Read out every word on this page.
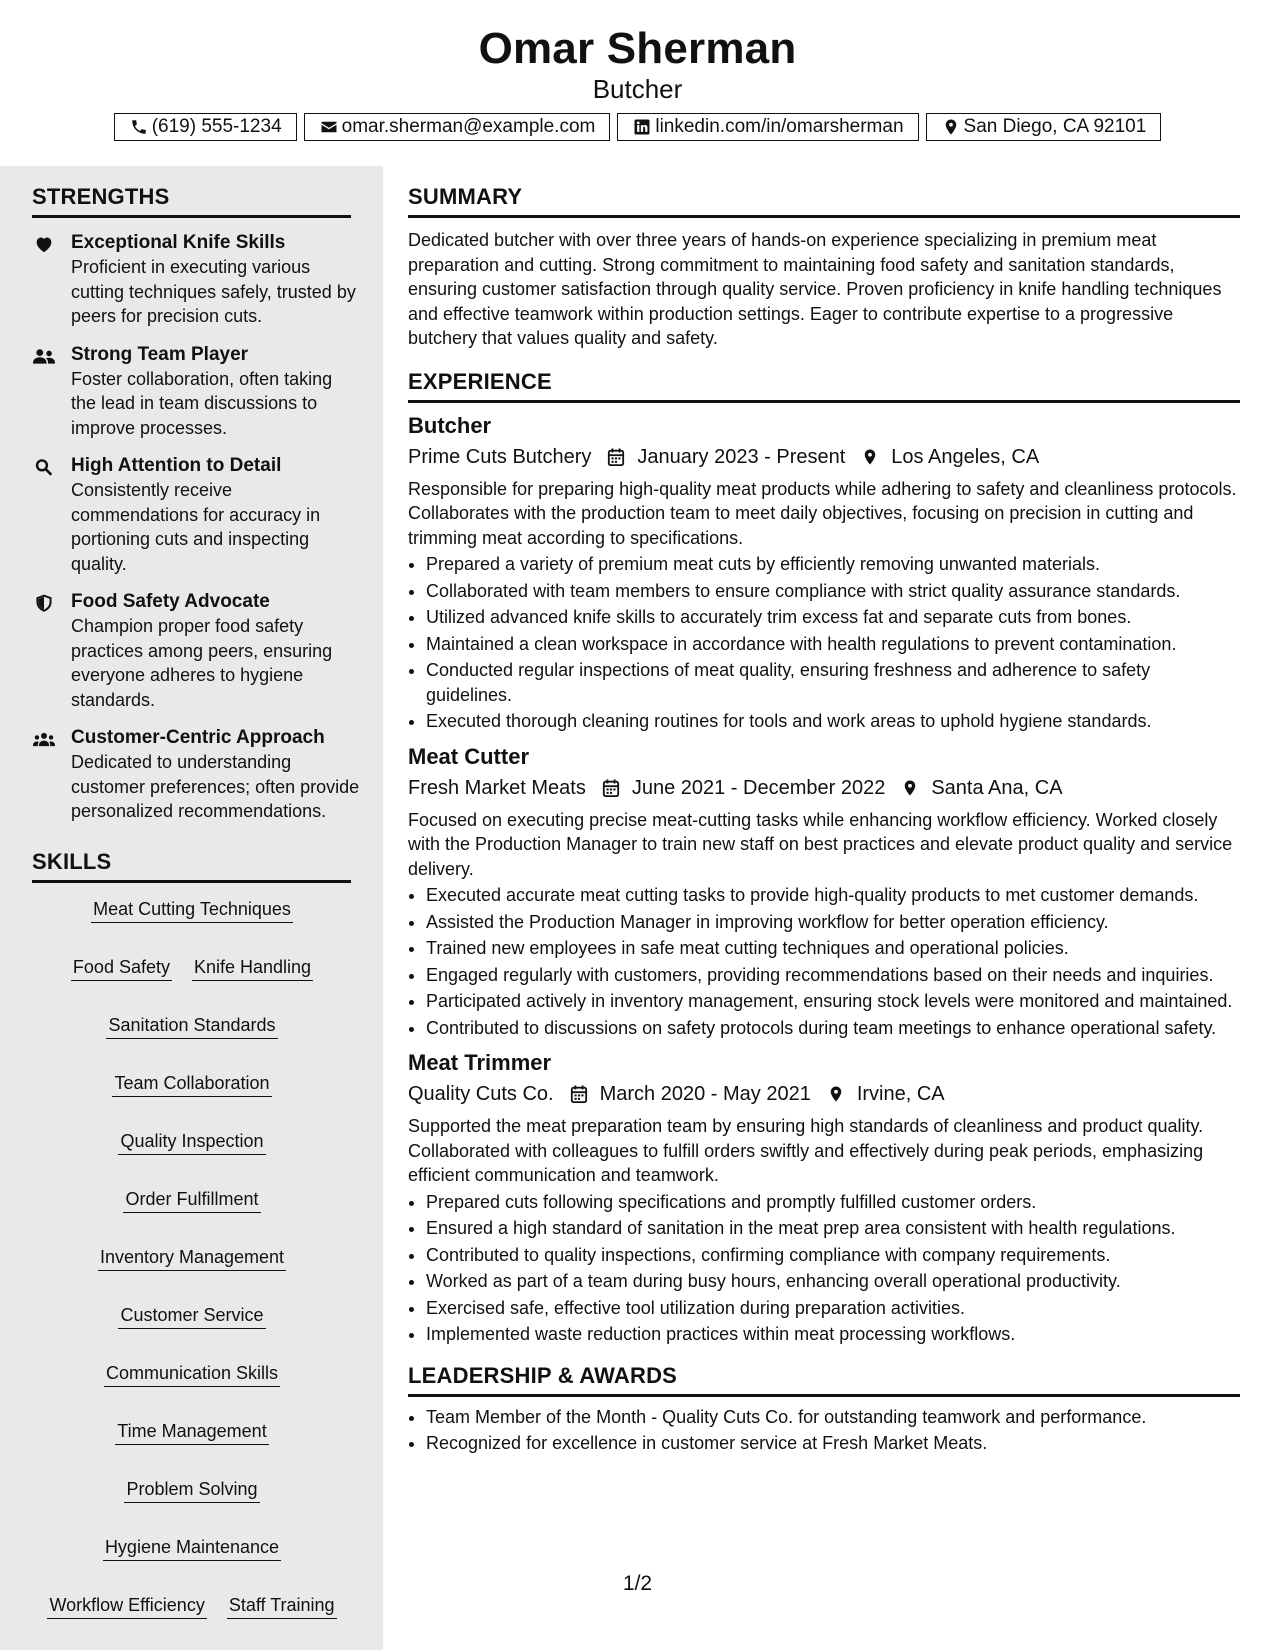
Omar Sherman
Butcher
(619) 555-1234	omar.sherman@example.com	linkedin.com/in/omarsherman	San Diego, CA 92101
STRENGTHS
Exceptional Knife Skills
Proficient in executing various cutting techniques safely, trusted by peers for precision cuts.
Strong Team Player
Foster collaboration, often taking the lead in team discussions to improve processes.
High Attention to Detail
Consistently receive commendations for accuracy in portioning cuts and inspecting quality.
Food Safety Advocate
Champion proper food safety practices among peers, ensuring everyone adheres to hygiene standards.
Customer-Centric Approach
Dedicated to understanding customer preferences; often provide personalized recommendations.
SKILLS
Meat Cutting Techniques
Food Safety Knife Handling
Sanitation Standards
Team Collaboration
Quality Inspection
Order Fulfillment
Inventory Management
Customer Service
Communication Skills
Time Management
Problem Solving
Hygiene Maintenance
Workflow Efficiency Staff Training
SUMMARY
Dedicated butcher with over three years of hands-on experience specializing in premium meat preparation and cutting. Strong commitment to maintaining food safety and sanitation standards, ensuring customer satisfaction through quality service. Proven proficiency in knife handling techniques and effective teamwork within production settings. Eager to contribute expertise to a progressive butchery that values quality and safety.
EXPERIENCE
Butcher
Prime Cuts Butchery January 2023 - Present Los Angeles, CA
Responsible for preparing high-quality meat products while adhering to safety and cleanliness protocols. Collaborates with the production team to meet daily objectives, focusing on precision in cutting and trimming meat according to specifications.
• Prepared a variety of premium meat cuts by efficiently removing unwanted materials.
• Collaborated with team members to ensure compliance with strict quality assurance standards.
• Utilized advanced knife skills to accurately trim excess fat and separate cuts from bones.
• Maintained a clean workspace in accordance with health regulations to prevent contamination.
• Conducted regular inspections of meat quality, ensuring freshness and adherence to safety guidelines.
• Executed thorough cleaning routines for tools and work areas to uphold hygiene standards.
Meat Cutter
Fresh Market Meats June 2021 - December 2022 Santa Ana, CA
Focused on executing precise meat-cutting tasks while enhancing workflow efficiency. Worked closely with the Production Manager to train new staff on best practices and elevate product quality and service delivery.
• Executed accurate meat cutting tasks to provide high-quality products to met customer demands.
• Assisted the Production Manager in improving workflow for better operation efficiency.
• Trained new employees in safe meat cutting techniques and operational policies.
• Engaged regularly with customers, providing recommendations based on their needs and inquiries.
• Participated actively in inventory management, ensuring stock levels were monitored and maintained.
• Contributed to discussions on safety protocols during team meetings to enhance operational safety.
Meat Trimmer
Quality Cuts Co. March 2020 - May 2021 Irvine, CA
Supported the meat preparation team by ensuring high standards of cleanliness and product quality. Collaborated with colleagues to fulfill orders swiftly and effectively during peak periods, emphasizing efficient communication and teamwork.
• Prepared cuts following specifications and promptly fulfilled customer orders.
• Ensured a high standard of sanitation in the meat prep area consistent with health regulations.
• Contributed to quality inspections, confirming compliance with company requirements.
• Worked as part of a team during busy hours, enhancing overall operational productivity.
• Exercised safe, effective tool utilization during preparation activities.
• Implemented waste reduction practices within meat processing workflows.
LEADERSHIP & AWARDS
• Team Member of the Month - Quality Cuts Co. for outstanding teamwork and performance.
• Recognized for excellence in customer service at Fresh Market Meats.
1/2
